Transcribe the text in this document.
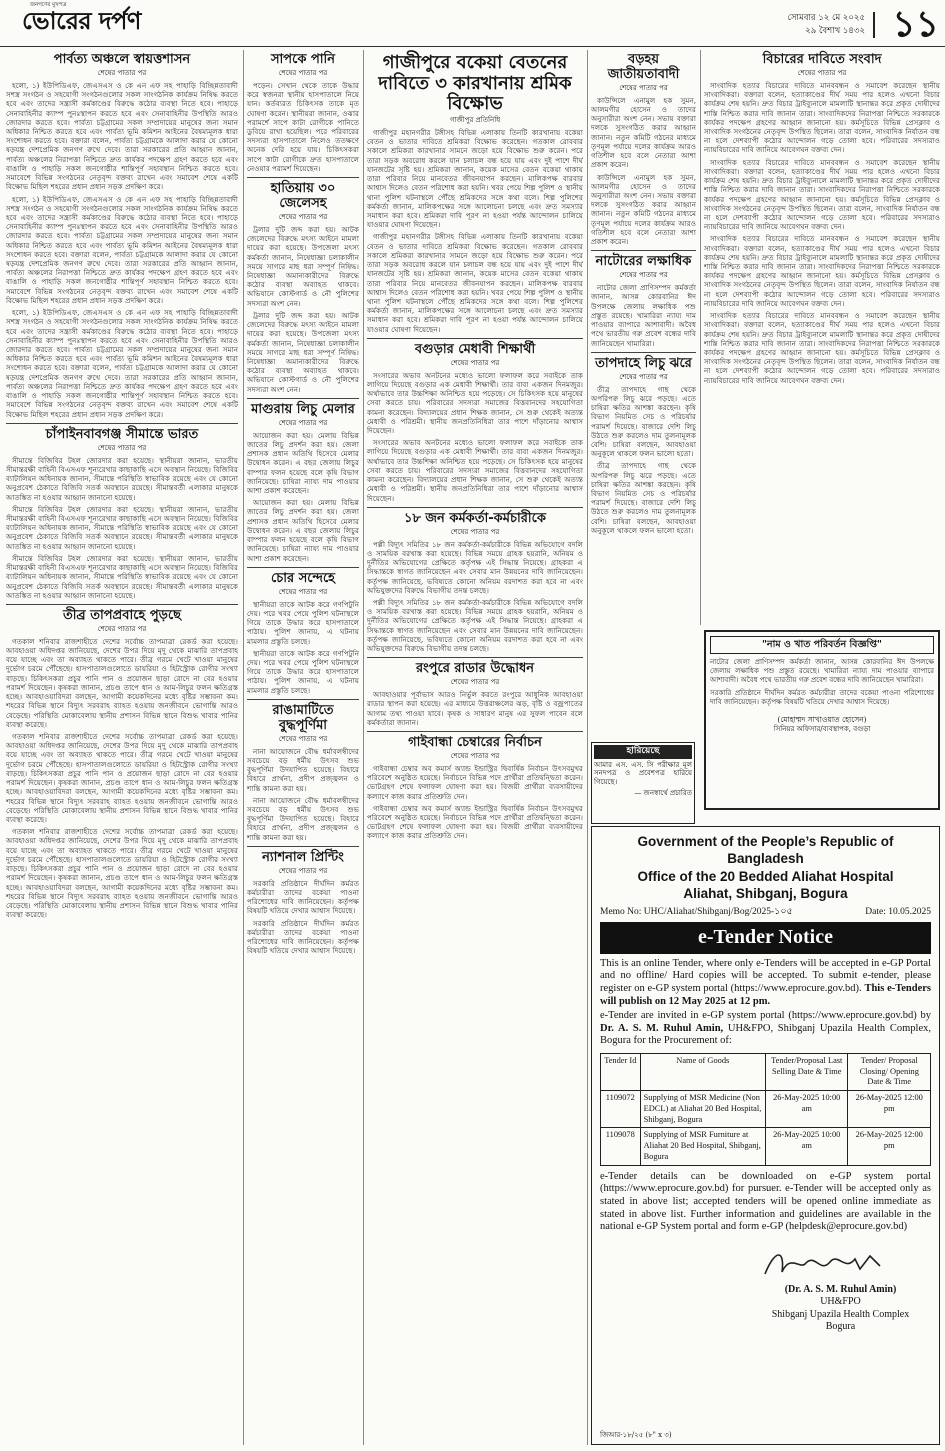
জনগণের মুখপত্র
ভোরের দর্পণ	সোমবার ১২ মে ২০২৫
২৯ বৈশাখ ১৪৩২ ১১
পার্বত্য অঞ্চলে স্বায়ত্তশাসন
শেষের পাতার পর

হলো, ১) ইউপিডিএফ, জেএসএস ও কে এন এফ সহ পাহাড়ি বিচ্ছিন্নতাবাদী সশস্ত্র সংগঠন ও সহযোগী সংগঠনগুলোর সকল সাংগঠনিক কার্যক্রম নিষিদ্ধ করতে হবে এবং তাদের সন্ত্রাসী কর্মকাণ্ডের বিরুদ্ধে কঠোর ব্যবস্থা নিতে হবে। পাহাড়ে সেনাবাহিনীর ক্যাম্প পুনঃস্থাপন করতে হবে এবং সেনাবাহিনীর উপস্থিতি আরও জোরদার করতে হবে। পার্বত্য চট্টগ্রামের সকল সম্প্রদায়ের মানুষের জন্য সমান অধিকার নিশ্চিত করতে হবে এবং পার্বত্য ভূমি কমিশন আইনের বৈষম্যমূলক ধারা সংশোধন করতে হবে। বক্তারা বলেন, পার্বত্য চট্টগ্রামকে আলাদা করার যে কোনো ষড়যন্ত্র দেশপ্রেমিক জনগণ রুখে দেবে। তারা সরকারের প্রতি আহ্বান জানান, পার্বত্য অঞ্চলের নিরাপত্তা নিশ্চিতে দ্রুত কার্যকর পদক্ষেপ গ্রহণ করতে হবে এবং বাঙালি ও পাহাড়ি সকল জনগোষ্ঠীর শান্তিপূর্ণ সহাবস্থান নিশ্চিত করতে হবে। সমাবেশে বিভিন্ন সংগঠনের নেতৃবৃন্দ বক্তব্য রাখেন এবং সমাবেশ শেষে একটি বিক্ষোভ মিছিল শহরের প্রধান প্রধান সড়ক প্রদক্ষিণ করে।

হলো, ১) ইউপিডিএফ, জেএসএস ও কে এন এফ সহ পাহাড়ি বিচ্ছিন্নতাবাদী সশস্ত্র সংগঠন ও সহযোগী সংগঠনগুলোর সকল সাংগঠনিক কার্যক্রম নিষিদ্ধ করতে হবে এবং তাদের সন্ত্রাসী কর্মকাণ্ডের বিরুদ্ধে কঠোর ব্যবস্থা নিতে হবে। পাহাড়ে সেনাবাহিনীর ক্যাম্প পুনঃস্থাপন করতে হবে এবং সেনাবাহিনীর উপস্থিতি আরও জোরদার করতে হবে। পার্বত্য চট্টগ্রামের সকল সম্প্রদায়ের মানুষের জন্য সমান অধিকার নিশ্চিত করতে হবে এবং পার্বত্য ভূমি কমিশন আইনের বৈষম্যমূলক ধারা সংশোধন করতে হবে। বক্তারা বলেন, পার্বত্য চট্টগ্রামকে আলাদা করার যে কোনো ষড়যন্ত্র দেশপ্রেমিক জনগণ রুখে দেবে। তারা সরকারের প্রতি আহ্বান জানান, পার্বত্য অঞ্চলের নিরাপত্তা নিশ্চিতে দ্রুত কার্যকর পদক্ষেপ গ্রহণ করতে হবে এবং বাঙালি ও পাহাড়ি সকল জনগোষ্ঠীর শান্তিপূর্ণ সহাবস্থান নিশ্চিত করতে হবে। সমাবেশে বিভিন্ন সংগঠনের নেতৃবৃন্দ বক্তব্য রাখেন এবং সমাবেশ শেষে একটি বিক্ষোভ মিছিল শহরের প্রধান প্রধান সড়ক প্রদক্ষিণ করে।

হলো, ১) ইউপিডিএফ, জেএসএস ও কে এন এফ সহ পাহাড়ি বিচ্ছিন্নতাবাদী সশস্ত্র সংগঠন ও সহযোগী সংগঠনগুলোর সকল সাংগঠনিক কার্যক্রম নিষিদ্ধ করতে হবে এবং তাদের সন্ত্রাসী কর্মকাণ্ডের বিরুদ্ধে কঠোর ব্যবস্থা নিতে হবে। পাহাড়ে সেনাবাহিনীর ক্যাম্প পুনঃস্থাপন করতে হবে এবং সেনাবাহিনীর উপস্থিতি আরও জোরদার করতে হবে। পার্বত্য চট্টগ্রামের সকল সম্প্রদায়ের মানুষের জন্য সমান অধিকার নিশ্চিত করতে হবে এবং পার্বত্য ভূমি কমিশন আইনের বৈষম্যমূলক ধারা সংশোধন করতে হবে। বক্তারা বলেন, পার্বত্য চট্টগ্রামকে আলাদা করার যে কোনো ষড়যন্ত্র দেশপ্রেমিক জনগণ রুখে দেবে। তারা সরকারের প্রতি আহ্বান জানান, পার্বত্য অঞ্চলের নিরাপত্তা নিশ্চিতে দ্রুত কার্যকর পদক্ষেপ গ্রহণ করতে হবে এবং বাঙালি ও পাহাড়ি সকল জনগোষ্ঠীর শান্তিপূর্ণ সহাবস্থান নিশ্চিত করতে হবে। সমাবেশে বিভিন্ন সংগঠনের নেতৃবৃন্দ বক্তব্য রাখেন এবং সমাবেশ শেষে একটি বিক্ষোভ মিছিল শহরের প্রধান প্রধান সড়ক প্রদক্ষিণ করে।

চাঁপাইনবাবগঞ্জ সীমান্তে ভারত
শেষের পাতার পর

সীমান্তে বিজিবির টহল জোরদার করা হয়েছে। স্থানীয়রা জানান, ভারতীয় সীমান্তরক্ষী বাহিনী বিএসএফ শূন্যরেখার কাছাকাছি এসে অবস্থান নিয়েছে। বিজিবির ব্যাটালিয়ন অধিনায়ক জানান, সীমান্তে পরিস্থিতি স্বাভাবিক রয়েছে এবং যে কোনো অনুপ্রবেশ ঠেকাতে বিজিবি সতর্ক অবস্থানে রয়েছে। সীমান্তবর্তী এলাকার মানুষকে আতঙ্কিত না হওয়ার আহ্বান জানানো হয়েছে।

সীমান্তে বিজিবির টহল জোরদার করা হয়েছে। স্থানীয়রা জানান, ভারতীয় সীমান্তরক্ষী বাহিনী বিএসএফ শূন্যরেখার কাছাকাছি এসে অবস্থান নিয়েছে। বিজিবির ব্যাটালিয়ন অধিনায়ক জানান, সীমান্তে পরিস্থিতি স্বাভাবিক রয়েছে এবং যে কোনো অনুপ্রবেশ ঠেকাতে বিজিবি সতর্ক অবস্থানে রয়েছে। সীমান্তবর্তী এলাকার মানুষকে আতঙ্কিত না হওয়ার আহ্বান জানানো হয়েছে।

সীমান্তে বিজিবির টহল জোরদার করা হয়েছে। স্থানীয়রা জানান, ভারতীয় সীমান্তরক্ষী বাহিনী বিএসএফ শূন্যরেখার কাছাকাছি এসে অবস্থান নিয়েছে। বিজিবির ব্যাটালিয়ন অধিনায়ক জানান, সীমান্তে পরিস্থিতি স্বাভাবিক রয়েছে এবং যে কোনো অনুপ্রবেশ ঠেকাতে বিজিবি সতর্ক অবস্থানে রয়েছে। সীমান্তবর্তী এলাকার মানুষকে আতঙ্কিত না হওয়ার আহ্বান জানানো হয়েছে।

তীব্র তাপপ্রবাহে পুড়ছে
শেষের পাতার পর

গতকাল শনিবার রাজশাহীতে দেশের সর্বোচ্চ তাপমাত্রা রেকর্ড করা হয়েছে। আবহাওয়া অধিদপ্তর জানিয়েছে, দেশের উপর দিয়ে মৃদু থেকে মাঝারি তাপপ্রবাহ বয়ে যাচ্ছে এবং তা অব্যাহত থাকতে পারে। তীব্র গরমে খেটে খাওয়া মানুষের দুর্ভোগ চরমে পৌঁছেছে। হাসপাতালগুলোতে ডায়রিয়া ও হিটস্ট্রোক রোগীর সংখ্যা বাড়ছে। চিকিৎসকরা প্রচুর পানি পান ও প্রয়োজন ছাড়া রোদে না বের হওয়ার পরামর্শ দিয়েছেন। কৃষকরা জানান, প্রচণ্ড তাপে ধান ও আম-লিচুর ফলন ক্ষতিগ্রস্ত হচ্ছে। আবহাওয়াবিদরা বলছেন, আগামী কয়েকদিনের মধ্যে বৃষ্টির সম্ভাবনা কম। শহরের বিভিন্ন স্থানে বিদ্যুৎ সরবরাহ ব্যাহত হওয়ায় জনজীবনে ভোগান্তি আরও বেড়েছে। পরিস্থিতি মোকাবেলায় স্থানীয় প্রশাসন বিভিন্ন স্থানে বিশুদ্ধ খাবার পানির ব্যবস্থা করেছে।

গতকাল শনিবার রাজশাহীতে দেশের সর্বোচ্চ তাপমাত্রা রেকর্ড করা হয়েছে। আবহাওয়া অধিদপ্তর জানিয়েছে, দেশের উপর দিয়ে মৃদু থেকে মাঝারি তাপপ্রবাহ বয়ে যাচ্ছে এবং তা অব্যাহত থাকতে পারে। তীব্র গরমে খেটে খাওয়া মানুষের দুর্ভোগ চরমে পৌঁছেছে। হাসপাতালগুলোতে ডায়রিয়া ও হিটস্ট্রোক রোগীর সংখ্যা বাড়ছে। চিকিৎসকরা প্রচুর পানি পান ও প্রয়োজন ছাড়া রোদে না বের হওয়ার পরামর্শ দিয়েছেন। কৃষকরা জানান, প্রচণ্ড তাপে ধান ও আম-লিচুর ফলন ক্ষতিগ্রস্ত হচ্ছে। আবহাওয়াবিদরা বলছেন, আগামী কয়েকদিনের মধ্যে বৃষ্টির সম্ভাবনা কম। শহরের বিভিন্ন স্থানে বিদ্যুৎ সরবরাহ ব্যাহত হওয়ায় জনজীবনে ভোগান্তি আরও বেড়েছে। পরিস্থিতি মোকাবেলায় স্থানীয় প্রশাসন বিভিন্ন স্থানে বিশুদ্ধ খাবার পানির ব্যবস্থা করেছে।

গতকাল শনিবার রাজশাহীতে দেশের সর্বোচ্চ তাপমাত্রা রেকর্ড করা হয়েছে। আবহাওয়া অধিদপ্তর জানিয়েছে, দেশের উপর দিয়ে মৃদু থেকে মাঝারি তাপপ্রবাহ বয়ে যাচ্ছে এবং তা অব্যাহত থাকতে পারে। তীব্র গরমে খেটে খাওয়া মানুষের দুর্ভোগ চরমে পৌঁছেছে। হাসপাতালগুলোতে ডায়রিয়া ও হিটস্ট্রোক রোগীর সংখ্যা বাড়ছে। চিকিৎসকরা প্রচুর পানি পান ও প্রয়োজন ছাড়া রোদে না বের হওয়ার পরামর্শ দিয়েছেন। কৃষকরা জানান, প্রচণ্ড তাপে ধান ও আম-লিচুর ফলন ক্ষতিগ্রস্ত হচ্ছে। আবহাওয়াবিদরা বলছেন, আগামী কয়েকদিনের মধ্যে বৃষ্টির সম্ভাবনা কম। শহরের বিভিন্ন স্থানে বিদ্যুৎ সরবরাহ ব্যাহত হওয়ায় জনজীবনে ভোগান্তি আরও বেড়েছে। পরিস্থিতি মোকাবেলায় স্থানীয় প্রশাসন বিভিন্ন স্থানে বিশুদ্ধ খাবার পানির ব্যবস্থা করেছে।

সাপকে পানি
শেষের পাতার পর

পড়েন। সেখান থেকে তাকে উদ্ধার করে স্বজনরা স্থানীয় হাসপাতালে নিয়ে যান। কর্তব্যরত চিকিৎসক তাকে মৃত ঘোষণা করেন। স্থানীয়রা জানান, ওঝার পরামর্শে সাপে কাটা রোগীকে পানিতে ডুবিয়ে রাখা হয়েছিল। পরে পরিবারের সদস্যরা হাসপাতালে নিলেও ততক্ষণে অনেক দেরি হয়ে যায়। চিকিৎসকরা সাপে কাটা রোগীকে দ্রুত হাসপাতালে নেওয়ার পরামর্শ দিয়েছেন।

হাতিয়ায় ৩০ জেলেসহ
শেষের পাতার পর

ট্রলার দুটি জব্দ করা হয়। আটক জেলেদের বিরুদ্ধে মৎস্য আইনে মামলা দায়ের করা হয়েছে। উপজেলা মৎস্য কর্মকর্তা জানান, নিষেধাজ্ঞা চলাকালীন সময়ে সাগরে মাছ ধরা সম্পূর্ণ নিষিদ্ধ। নিষেধাজ্ঞা অমান্যকারীদের বিরুদ্ধে কঠোর ব্যবস্থা অব্যাহত থাকবে। অভিযানে কোস্টগার্ড ও নৌ পুলিশের সদস্যরা অংশ নেন।

ট্রলার দুটি জব্দ করা হয়। আটক জেলেদের বিরুদ্ধে মৎস্য আইনে মামলা দায়ের করা হয়েছে। উপজেলা মৎস্য কর্মকর্তা জানান, নিষেধাজ্ঞা চলাকালীন সময়ে সাগরে মাছ ধরা সম্পূর্ণ নিষিদ্ধ। নিষেধাজ্ঞা অমান্যকারীদের বিরুদ্ধে কঠোর ব্যবস্থা অব্যাহত থাকবে। অভিযানে কোস্টগার্ড ও নৌ পুলিশের সদস্যরা অংশ নেন।

মাগুরায় লিচু মেলার
শেষের পাতার পর

আয়োজন করা হয়। মেলায় বিভিন্ন জাতের লিচু প্রদর্শন করা হয়। জেলা প্রশাসক প্রধান অতিথি হিসেবে মেলার উদ্বোধন করেন। এ বছর জেলায় লিচুর বাম্পার ফলন হয়েছে বলে কৃষি বিভাগ জানিয়েছে। চাষিরা ন্যায্য দাম পাওয়ার আশা প্রকাশ করেছেন।

আয়োজন করা হয়। মেলায় বিভিন্ন জাতের লিচু প্রদর্শন করা হয়। জেলা প্রশাসক প্রধান অতিথি হিসেবে মেলার উদ্বোধন করেন। এ বছর জেলায় লিচুর বাম্পার ফলন হয়েছে বলে কৃষি বিভাগ জানিয়েছে। চাষিরা ন্যায্য দাম পাওয়ার আশা প্রকাশ করেছেন।

চোর সন্দেহে
শেষের পাতার পর

স্থানীয়রা তাকে আটক করে গণপিটুনি দেয়। পরে খবর পেয়ে পুলিশ ঘটনাস্থলে গিয়ে তাকে উদ্ধার করে হাসপাতালে পাঠায়। পুলিশ জানায়, এ ঘটনায় মামলার প্রস্তুতি চলছে।

স্থানীয়রা তাকে আটক করে গণপিটুনি দেয়। পরে খবর পেয়ে পুলিশ ঘটনাস্থলে গিয়ে তাকে উদ্ধার করে হাসপাতালে পাঠায়। পুলিশ জানায়, এ ঘটনায় মামলার প্রস্তুতি চলছে।

রাঙামাটিতে বুদ্ধপূর্ণিমা
শেষের পাতার পর

নানা আয়োজনে বৌদ্ধ ধর্মাবলম্বীদের সবচেয়ে বড় ধর্মীয় উৎসব শুভ বুদ্ধপূর্ণিমা উদযাপিত হয়েছে। বিহারে বিহারে প্রার্থনা, প্রদীপ প্রজ্জ্বলন ও শান্তি কামনা করা হয়।

নানা আয়োজনে বৌদ্ধ ধর্মাবলম্বীদের সবচেয়ে বড় ধর্মীয় উৎসব শুভ বুদ্ধপূর্ণিমা উদযাপিত হয়েছে। বিহারে বিহারে প্রার্থনা, প্রদীপ প্রজ্জ্বলন ও শান্তি কামনা করা হয়।

ন্যাশনাল প্রিন্টিং
শেষের পাতার পর

সরকারি প্রতিষ্ঠানে দীর্ঘদিন কর্মরত কর্মচারীরা তাদের বকেয়া পাওনা পরিশোধের দাবি জানিয়েছেন। কর্তৃপক্ষ বিষয়টি খতিয়ে দেখার আশ্বাস দিয়েছে।

সরকারি প্রতিষ্ঠানে দীর্ঘদিন কর্মরত কর্মচারীরা তাদের বকেয়া পাওনা পরিশোধের দাবি জানিয়েছেন। কর্তৃপক্ষ বিষয়টি খতিয়ে দেখার আশ্বাস দিয়েছে।

গাজীপুরে বকেয়া বেতনের দাবিতে ৩ কারখানায় শ্রমিক বিক্ষোভ
গাজীপুর প্রতিনিধি

গাজীপুর মহানগরীর টঙ্গীসহ বিভিন্ন এলাকায় তিনটি কারখানায় বকেয়া বেতন ও ভাতার দাবিতে শ্রমিকরা বিক্ষোভ করেছেন। গতকাল রোববার সকালে শ্রমিকরা কারখানার সামনে জড়ো হয়ে বিক্ষোভ শুরু করেন। পরে তারা সড়ক অবরোধ করলে যান চলাচল বন্ধ হয়ে যায় এবং দুই পাশে দীর্ঘ যানজটের সৃষ্টি হয়। শ্রমিকরা জানান, কয়েক মাসের বেতন বকেয়া থাকায় তারা পরিবার নিয়ে মানবেতর জীবনযাপন করছেন। মালিকপক্ষ বারবার আশ্বাস দিলেও বেতন পরিশোধ করা হয়নি। খবর পেয়ে শিল্প পুলিশ ও স্থানীয় থানা পুলিশ ঘটনাস্থলে পৌঁছে শ্রমিকদের সঙ্গে কথা বলে। শিল্প পুলিশের কর্মকর্তা জানান, মালিকপক্ষের সঙ্গে আলোচনা চলছে এবং দ্রুত সমস্যার সমাধান করা হবে। শ্রমিকরা দাবি পূরণ না হওয়া পর্যন্ত আন্দোলন চালিয়ে যাওয়ার ঘোষণা দিয়েছেন।

গাজীপুর মহানগরীর টঙ্গীসহ বিভিন্ন এলাকায় তিনটি কারখানায় বকেয়া বেতন ও ভাতার দাবিতে শ্রমিকরা বিক্ষোভ করেছেন। গতকাল রোববার সকালে শ্রমিকরা কারখানার সামনে জড়ো হয়ে বিক্ষোভ শুরু করেন। পরে তারা সড়ক অবরোধ করলে যান চলাচল বন্ধ হয়ে যায় এবং দুই পাশে দীর্ঘ যানজটের সৃষ্টি হয়। শ্রমিকরা জানান, কয়েক মাসের বেতন বকেয়া থাকায় তারা পরিবার নিয়ে মানবেতর জীবনযাপন করছেন। মালিকপক্ষ বারবার আশ্বাস দিলেও বেতন পরিশোধ করা হয়নি। খবর পেয়ে শিল্প পুলিশ ও স্থানীয় থানা পুলিশ ঘটনাস্থলে পৌঁছে শ্রমিকদের সঙ্গে কথা বলে। শিল্প পুলিশের কর্মকর্তা জানান, মালিকপক্ষের সঙ্গে আলোচনা চলছে এবং দ্রুত সমস্যার সমাধান করা হবে। শ্রমিকরা দাবি পূরণ না হওয়া পর্যন্ত আন্দোলন চালিয়ে যাওয়ার ঘোষণা দিয়েছেন।

বগুড়ার মেধাবী শিক্ষার্থী
শেষের পাতার পর

সংসারের অভাব অনটনের মধ্যেও ভালো ফলাফল করে সবাইকে তাক লাগিয়ে দিয়েছে বগুড়ার এক মেধাবী শিক্ষার্থী। তার বাবা একজন দিনমজুর। অর্থাভাবে তার উচ্চশিক্ষা অনিশ্চিত হয়ে পড়েছে। সে চিকিৎসক হয়ে মানুষের সেবা করতে চায়। পরিবারের সদস্যরা সমাজের বিত্তবানদের সহযোগিতা কামনা করেছেন। বিদ্যালয়ের প্রধান শিক্ষক জানান, সে শুরু থেকেই অত্যন্ত মেধাবী ও পরিশ্রমী। স্থানীয় জনপ্রতিনিধিরা তার পাশে দাঁড়ানোর আশ্বাস দিয়েছেন।

সংসারের অভাব অনটনের মধ্যেও ভালো ফলাফল করে সবাইকে তাক লাগিয়ে দিয়েছে বগুড়ার এক মেধাবী শিক্ষার্থী। তার বাবা একজন দিনমজুর। অর্থাভাবে তার উচ্চশিক্ষা অনিশ্চিত হয়ে পড়েছে। সে চিকিৎসক হয়ে মানুষের সেবা করতে চায়। পরিবারের সদস্যরা সমাজের বিত্তবানদের সহযোগিতা কামনা করেছেন। বিদ্যালয়ের প্রধান শিক্ষক জানান, সে শুরু থেকেই অত্যন্ত মেধাবী ও পরিশ্রমী। স্থানীয় জনপ্রতিনিধিরা তার পাশে দাঁড়ানোর আশ্বাস দিয়েছেন।

১৮ জন কর্মকর্তা-কর্মচারীকে
শেষের পাতার পর

পল্লী বিদ্যুৎ সমিতির ১৮ জন কর্মকর্তা-কর্মচারীকে বিভিন্ন অভিযোগে বদলি ও সাময়িক বরখাস্ত করা হয়েছে। বিভিন্ন সময়ে গ্রাহক হয়রানি, অনিয়ম ও দুর্নীতির অভিযোগের প্রেক্ষিতে কর্তৃপক্ষ এই সিদ্ধান্ত নিয়েছে। গ্রাহকরা এ সিদ্ধান্তকে স্বাগত জানিয়েছেন এবং সেবার মান উন্নয়নের দাবি জানিয়েছেন। কর্তৃপক্ষ জানিয়েছে, ভবিষ্যতে কোনো অনিয়ম বরদাশত করা হবে না এবং অভিযুক্তদের বিরুদ্ধে বিভাগীয় তদন্ত চলছে।

পল্লী বিদ্যুৎ সমিতির ১৮ জন কর্মকর্তা-কর্মচারীকে বিভিন্ন অভিযোগে বদলি ও সাময়িক বরখাস্ত করা হয়েছে। বিভিন্ন সময়ে গ্রাহক হয়রানি, অনিয়ম ও দুর্নীতির অভিযোগের প্রেক্ষিতে কর্তৃপক্ষ এই সিদ্ধান্ত নিয়েছে। গ্রাহকরা এ সিদ্ধান্তকে স্বাগত জানিয়েছেন এবং সেবার মান উন্নয়নের দাবি জানিয়েছেন। কর্তৃপক্ষ জানিয়েছে, ভবিষ্যতে কোনো অনিয়ম বরদাশত করা হবে না এবং অভিযুক্তদের বিরুদ্ধে বিভাগীয় তদন্ত চলছে।

রংপুরে রাডার উদ্ধোধন
শেষের পাতার পর

আবহাওয়ার পূর্বাভাস আরও নির্ভুল করতে রংপুরে আধুনিক আবহাওয়া রাডার স্থাপন করা হয়েছে। এর মাধ্যমে উত্তরাঞ্চলের ঝড়, বৃষ্টি ও বজ্রপাতের আগাম তথ্য পাওয়া যাবে। কৃষক ও সাধারণ মানুষ এর সুফল পাবেন বলে কর্মকর্তারা জানান।

গাইবান্ধা চেম্বারের নির্বাচন
শেষের পাতার পর

গাইবান্ধা চেম্বার অব কমার্স অ্যান্ড ইন্ডাস্ট্রির দ্বিবার্ষিক নির্বাচন উৎসবমুখর পরিবেশে অনুষ্ঠিত হয়েছে। নির্বাচনে বিভিন্ন পদে প্রার্থীরা প্রতিদ্বন্দ্বিতা করেন। ভোটগ্রহণ শেষে ফলাফল ঘোষণা করা হয়। বিজয়ী প্রার্থীরা ব্যবসায়ীদের কল্যাণে কাজ করার প্রতিশ্রুতি দেন।

গাইবান্ধা চেম্বার অব কমার্স অ্যান্ড ইন্ডাস্ট্রির দ্বিবার্ষিক নির্বাচন উৎসবমুখর পরিবেশে অনুষ্ঠিত হয়েছে। নির্বাচনে বিভিন্ন পদে প্রার্থীরা প্রতিদ্বন্দ্বিতা করেন। ভোটগ্রহণ শেষে ফলাফল ঘোষণা করা হয়। বিজয়ী প্রার্থীরা ব্যবসায়ীদের কল্যাণে কাজ করার প্রতিশ্রুতি দেন।

বড়হয় জাতীয়তাবাদী
শেষের পাতার পর

কাউন্সিলে এনামুল হক সুমন, আলমগীর হোসেন ও তাদের অনুসারীরা অংশ নেন। সভায় বক্তারা দলকে সুসংগঠিত করার আহ্বান জানান। নতুন কমিটি গঠনের মাধ্যমে তৃণমূল পর্যায়ে দলের কার্যক্রম আরও গতিশীল হবে বলে নেতারা আশা প্রকাশ করেন।

কাউন্সিলে এনামুল হক সুমন, আলমগীর হোসেন ও তাদের অনুসারীরা অংশ নেন। সভায় বক্তারা দলকে সুসংগঠিত করার আহ্বান জানান। নতুন কমিটি গঠনের মাধ্যমে তৃণমূল পর্যায়ে দলের কার্যক্রম আরও গতিশীল হবে বলে নেতারা আশা প্রকাশ করেন।

নাটোরের লক্ষাধিক
শেষের পাতার পর

নাটোর জেলা প্রাণিসম্পদ কর্মকর্তা জানান, আসন্ন কোরবানির ঈদ উপলক্ষে জেলায় লক্ষাধিক পশু প্রস্তুত রয়েছে। খামারিরা ন্যায্য দাম পাওয়ার ব্যাপারে আশাবাদী। অবৈধ পথে ভারতীয় গরু প্রবেশ বন্ধের দাবি জানিয়েছেন খামারিরা।

তাপদাহে লিচু ঝরে
শেষের পাতার পর

তীব্র তাপদাহে গাছ থেকে অপরিপক্ব লিচু ঝরে পড়ছে। এতে চাষিরা ক্ষতির আশঙ্কা করছেন। কৃষি বিভাগ নিয়মিত সেচ ও পরিচর্যার পরামর্শ দিয়েছে। বাজারে দেশি লিচু উঠতে শুরু করলেও দাম তুলনামূলক বেশি। চাষিরা বলছেন, আবহাওয়া অনুকূলে থাকলে ফলন ভালো হতো।

তীব্র তাপদাহে গাছ থেকে অপরিপক্ব লিচু ঝরে পড়ছে। এতে চাষিরা ক্ষতির আশঙ্কা করছেন। কৃষি বিভাগ নিয়মিত সেচ ও পরিচর্যার পরামর্শ দিয়েছে। বাজারে দেশি লিচু উঠতে শুরু করলেও দাম তুলনামূলক বেশি। চাষিরা বলছেন, আবহাওয়া অনুকূলে থাকলে ফলন ভালো হতো।

বিচারের দাবিতে সংবাদ
শেষের পাতার পর

সাংবাদিক হত্যার বিচারের দাবিতে মানববন্ধন ও সমাবেশ করেছেন স্থানীয় সাংবাদিকরা। বক্তারা বলেন, হত্যাকাণ্ডের দীর্ঘ সময় পার হলেও এখনো বিচার কার্যক্রম শেষ হয়নি। দ্রুত বিচার ট্রাইব্যুনালে মামলাটি স্থানান্তর করে প্রকৃত দোষীদের শাস্তি নিশ্চিত করার দাবি জানান তারা। সাংবাদিকদের নিরাপত্তা নিশ্চিতে সরকারকে কার্যকর পদক্ষেপ গ্রহণের আহ্বান জানানো হয়। কর্মসূচিতে বিভিন্ন প্রেসক্লাব ও সাংবাদিক সংগঠনের নেতৃবৃন্দ উপস্থিত ছিলেন। তারা বলেন, সাংবাদিক নির্যাতন বন্ধ না হলে দেশব্যাপী কঠোর আন্দোলন গড়ে তোলা হবে। পরিবারের সদস্যরাও ন্যায়বিচারের দাবি জানিয়ে আবেগঘন বক্তব্য দেন।

সাংবাদিক হত্যার বিচারের দাবিতে মানববন্ধন ও সমাবেশ করেছেন স্থানীয় সাংবাদিকরা। বক্তারা বলেন, হত্যাকাণ্ডের দীর্ঘ সময় পার হলেও এখনো বিচার কার্যক্রম শেষ হয়নি। দ্রুত বিচার ট্রাইব্যুনালে মামলাটি স্থানান্তর করে প্রকৃত দোষীদের শাস্তি নিশ্চিত করার দাবি জানান তারা। সাংবাদিকদের নিরাপত্তা নিশ্চিতে সরকারকে কার্যকর পদক্ষেপ গ্রহণের আহ্বান জানানো হয়। কর্মসূচিতে বিভিন্ন প্রেসক্লাব ও সাংবাদিক সংগঠনের নেতৃবৃন্দ উপস্থিত ছিলেন। তারা বলেন, সাংবাদিক নির্যাতন বন্ধ না হলে দেশব্যাপী কঠোর আন্দোলন গড়ে তোলা হবে। পরিবারের সদস্যরাও ন্যায়বিচারের দাবি জানিয়ে আবেগঘন বক্তব্য দেন।

সাংবাদিক হত্যার বিচারের দাবিতে মানববন্ধন ও সমাবেশ করেছেন স্থানীয় সাংবাদিকরা। বক্তারা বলেন, হত্যাকাণ্ডের দীর্ঘ সময় পার হলেও এখনো বিচার কার্যক্রম শেষ হয়নি। দ্রুত বিচার ট্রাইব্যুনালে মামলাটি স্থানান্তর করে প্রকৃত দোষীদের শাস্তি নিশ্চিত করার দাবি জানান তারা। সাংবাদিকদের নিরাপত্তা নিশ্চিতে সরকারকে কার্যকর পদক্ষেপ গ্রহণের আহ্বান জানানো হয়। কর্মসূচিতে বিভিন্ন প্রেসক্লাব ও সাংবাদিক সংগঠনের নেতৃবৃন্দ উপস্থিত ছিলেন। তারা বলেন, সাংবাদিক নির্যাতন বন্ধ না হলে দেশব্যাপী কঠোর আন্দোলন গড়ে তোলা হবে। পরিবারের সদস্যরাও ন্যায়বিচারের দাবি জানিয়ে আবেগঘন বক্তব্য দেন।

সাংবাদিক হত্যার বিচারের দাবিতে মানববন্ধন ও সমাবেশ করেছেন স্থানীয় সাংবাদিকরা। বক্তারা বলেন, হত্যাকাণ্ডের দীর্ঘ সময় পার হলেও এখনো বিচার কার্যক্রম শেষ হয়নি। দ্রুত বিচার ট্রাইব্যুনালে মামলাটি স্থানান্তর করে প্রকৃত দোষীদের শাস্তি নিশ্চিত করার দাবি জানান তারা। সাংবাদিকদের নিরাপত্তা নিশ্চিতে সরকারকে কার্যকর পদক্ষেপ গ্রহণের আহ্বান জানানো হয়। কর্মসূচিতে বিভিন্ন প্রেসক্লাব ও সাংবাদিক সংগঠনের নেতৃবৃন্দ উপস্থিত ছিলেন। তারা বলেন, সাংবাদিক নির্যাতন বন্ধ না হলে দেশব্যাপী কঠোর আন্দোলন গড়ে তোলা হবে। পরিবারের সদস্যরাও ন্যায়বিচারের দাবি জানিয়ে আবেগঘন বক্তব্য দেন।

হারিয়েছে
আমার এস. এস. সি পরীক্ষার মূল সনদপত্র ও প্রবেশপত্র হারিয়ে গিয়েছে।
— জনস্বার্থে প্রচারিত
"নাম ও খাত পরিবর্তন বিজ্ঞপ্তি"

নাটোর জেলা প্রাণিসম্পদ কর্মকর্তা জানান, আসন্ন কোরবানির ঈদ উপলক্ষে জেলায় লক্ষাধিক পশু প্রস্তুত রয়েছে। খামারিরা ন্যায্য দাম পাওয়ার ব্যাপারে আশাবাদী। অবৈধ পথে ভারতীয় গরু প্রবেশ বন্ধের দাবি জানিয়েছেন খামারিরা।

সরকারি প্রতিষ্ঠানে দীর্ঘদিন কর্মরত কর্মচারীরা তাদের বকেয়া পাওনা পরিশোধের দাবি জানিয়েছেন। কর্তৃপক্ষ বিষয়টি খতিয়ে দেখার আশ্বাস দিয়েছে।

(মোহাম্মদ সাখাওয়াত হোসেন)
সিনিয়র অফিসার/ব্যবস্থাপক, বগুড়া
Government of the People’s Republic of Bangladesh
Office of the 20 Bedded Aliahat Hospital
Aliahat, Shibganj, Bogura
Memo No: UHC/Aliahat/Shibganj/Bog/2025-১০৫	Date: 10.05.2025
e-Tender Notice
This is an online Tender, where only e-Tenders will be accepted in e-GP Portal and no offline/ Hard copies will be accepted. To submit e-tender, please register on e-GP system portal (https://www.eprocure.gov.bd). This e-Tenders will publish on 12 May 2025 at 12 pm.
e-Tender are invited in e-GP system portal (https://www.eprocure.gov.bd) by Dr. A. S. M. Ruhul Amin, UH&FPO, Shibganj Upazila Health Complex, Bogura for the Procurement of:
Tender Id	Name of Goods	Tender/Proposal Last Selling Date & Time	Tender/ Proposal Closing/ Opening Date & Time
1109072	Supplying of MSR Medicine (Non EDCL) at Aliahat 20 Bed Hospital, Shibganj, Bogura	26-May-2025 10:00 am	26-May-2025 12:00 pm
1109078	Supplying of MSR Furniture at Aliahat 20 Bed Hospital, Shibganj, Bogura	26-May-2025 10:00 am	26-May-2025 12:00 pm
e-Tender details can be downloaded on e-GP system portal (https://www.eprocure.gov.bd) for pursuer. e-Tender will be accepted only as stated in above list; accepted tenders will be opened online immediate as stated in above list. Further information and guidelines are available in the national e-GP System portal and form e-GP (helpdesk@eprocure.gov.bd)
(Dr. A. S. M. Ruhul Amin)
UH&FPO
Shibganj Upazila Health Complex
Bogura
জিআর-১৮/২৫ (৮" x ৩)
